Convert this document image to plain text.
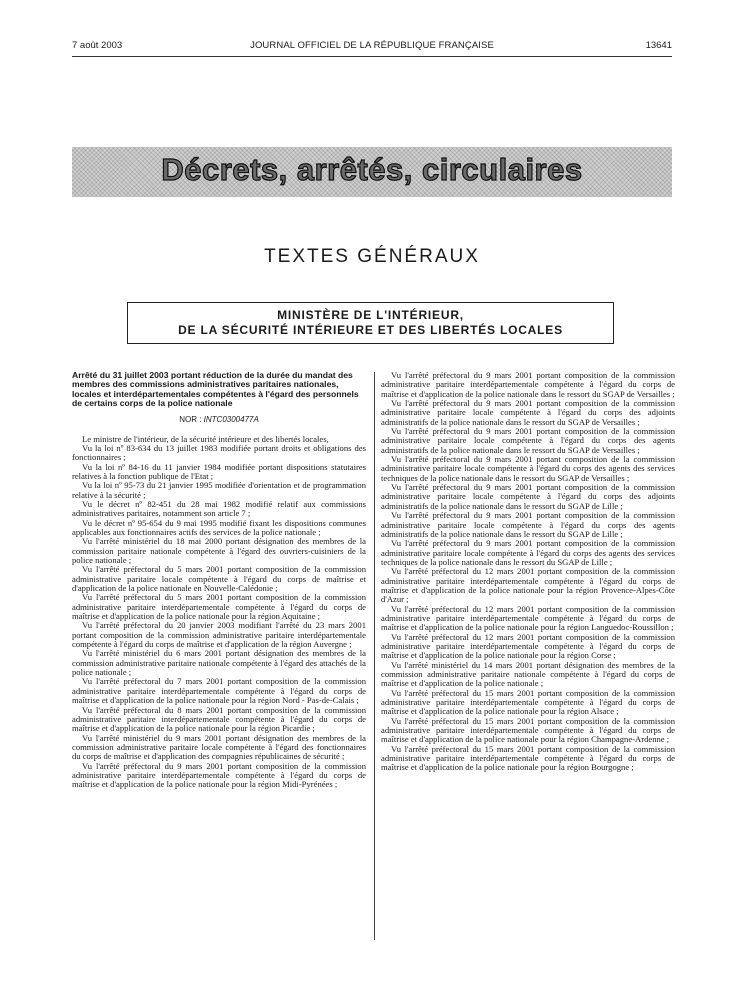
7 août 2003	JOURNAL OFFICIEL DE LA RÉPUBLIQUE FRANÇAISE	13641
Décrets, arrêtés, circulaires
TEXTES GÉNÉRAUX
MINISTÈRE DE L'INTÉRIEUR,
DE LA SÉCURITÉ INTÉRIEURE ET DES LIBERTÉS LOCALES
Arrêté du 31 juillet 2003 portant réduction de la durée du mandat des membres des commissions administratives paritaires nationales, locales et interdépartementales compétentes à l'égard des personnels de certains corps de la police nationale
NOR : INTC0300477A

Le ministre de l'intérieur, de la sécurité intérieure et des libertés locales,

Vu la loi nº 83-634 du 13 juillet 1983 modifiée portant droits et obligations des fonctionnaires ;

Vu la loi nº 84-16 du 11 janvier 1984 modifiée portant dispositions statutaires relatives à la fonction publique de l'Etat ;

Vu la loi nº 95-73 du 21 janvier 1995 modifiée d'orientation et de programmation relative à la sécurité ;

Vu le décret nº 82-451 du 28 mai 1982 modifié relatif aux commissions administratives paritaires, notamment son article 7 ;

Vu le décret nº 95-654 du 9 mai 1995 modifié fixant les dispositions communes applicables aux fonctionnaires actifs des services de la police nationale ;

Vu l'arrêté ministériel du 18 mai 2000 portant désignation des membres de la commission paritaire nationale compétente à l'égard des ouvriers-cuisiniers de la police nationale ;

Vu l'arrêté préfectoral du 5 mars 2001 portant composition de la commission administrative paritaire locale compétente à l'égard du corps de maîtrise et d'application de la police nationale en Nouvelle-Calédonie ;

Vu l'arrêté préfectoral du 5 mars 2001 portant composition de la commission administrative paritaire interdépartementale compétente à l'égard du corps de maîtrise et d'application de la police nationale pour la région Aquitaine ;

Vu l'arrêté préfectoral du 20 janvier 2003 modifiant l'arrêté du 23 mars 2001 portant composition de la commission administrative paritaire interdépartementale compétente à l'égard du corps de maîtrise et d'application de la région Auvergne ;

Vu l'arrêté ministériel du 6 mars 2001 portant désignation des membres de la commission administrative paritaire nationale compétente à l'égard des attachés de la police nationale ;

Vu l'arrêté préfectoral du 7 mars 2001 portant composition de la commission administrative paritaire interdépartementale compétente à l'égard du corps de maîtrise et d'application de la police nationale pour la région Nord - Pas-de-Calais ;

Vu l'arrêté préfectoral du 8 mars 2001 portant composition de la commission administrative paritaire interdépartementale compétente à l'égard du corps de maîtrise et d'application de la police nationale pour la région Picardie ;

Vu l'arrêté ministériel du 9 mars 2001 portant désignation des membres de la commission administrative paritaire locale compétente à l'égard des fonctionnaires du corps de maîtrise et d'application des compagnies républicaines de sécurité ;

Vu l'arrêté préfectoral du 9 mars 2001 portant composition de la commission administrative paritaire interdépartementale compétente à l'égard du corps de maîtrise et d'application de la police nationale pour la région Midi-Pyrénées ;

Vu l'arrêté préfectoral du 9 mars 2001 portant composition de la commission administrative paritaire interdépartementale compétente à l'égard du corps de maîtrise et d'application de la police nationale dans le ressort du SGAP de Versailles ;

Vu l'arrêté préfectoral du 9 mars 2001 portant composition de la commission administrative paritaire locale compétente à l'égard du corps des adjoints administratifs de la police nationale dans le ressort du SGAP de Versailles ;

Vu l'arrêté préfectoral du 9 mars 2001 portant composition de la commission administrative paritaire locale compétente à l'égard du corps des agents administratifs de la police nationale dans le ressort du SGAP de Versailles ;

Vu l'arrêté préfectoral du 9 mars 2001 portant composition de la commission administrative paritaire locale compétente à l'égard du corps des agents des services techniques de la police nationale dans le ressort du SGAP de Versailles ;

Vu l'arrêté préfectoral du 9 mars 2001 portant composition de la commission administrative paritaire locale compétente à l'égard du corps des adjoints administratifs de la police nationale dans le ressort du SGAP de Lille ;

Vu l'arrêté préfectoral du 9 mars 2001 portant composition de la commission administrative paritaire locale compétente à l'égard du corps des agents administratifs de la police nationale dans le ressort du SGAP de Lille ;

Vu l'arrêté préfectoral du 9 mars 2001 portant composition de la commission administrative paritaire locale compétente à l'égard du corps des agents des services techniques de la police nationale dans le ressort du SGAP de Lille ;

Vu l'arrêté préfectoral du 12 mars 2001 portant composition de la commission administrative paritaire interdépartementale compétente à l'égard du corps de maîtrise et d'application de la police nationale pour la région Provence-Alpes-Côte d'Azur ;

Vu l'arrêté préfectoral du 12 mars 2001 portant composition de la commission administrative paritaire interdépartementale compétente à l'égard du corps de maîtrise et d'application de la police nationale pour la région Languedoc-Roussillon ;

Vu l'arrêté préfectoral du 12 mars 2001 portant composition de la commission administrative paritaire interdépartementale compétente à l'égard du corps de maîtrise et d'application de la police nationale pour la région Corse ;

Vu l'arrêté ministériel du 14 mars 2001 portant désignation des membres de la commission administrative paritaire nationale compétente à l'égard du corps de maîtrise et d'application de la police nationale ;

Vu l'arrêté préfectoral du 15 mars 2001 portant composition de la commission administrative paritaire interdépartementale compétente à l'égard du corps de maîtrise et d'application de la police nationale pour la région Alsace ;

Vu l'arrêté préfectoral du 15 mars 2001 portant composition de la commission administrative paritaire interdépartementale compétente à l'égard du corps de maîtrise et d'application de la police nationale pour la région Champagne-Ardenne ;

Vu l'arrêté préfectoral du 15 mars 2001 portant composition de la commission administrative paritaire interdépartementale compétente à l'égard du corps de maîtrise et d'application de la police nationale pour la région Bourgogne ;
